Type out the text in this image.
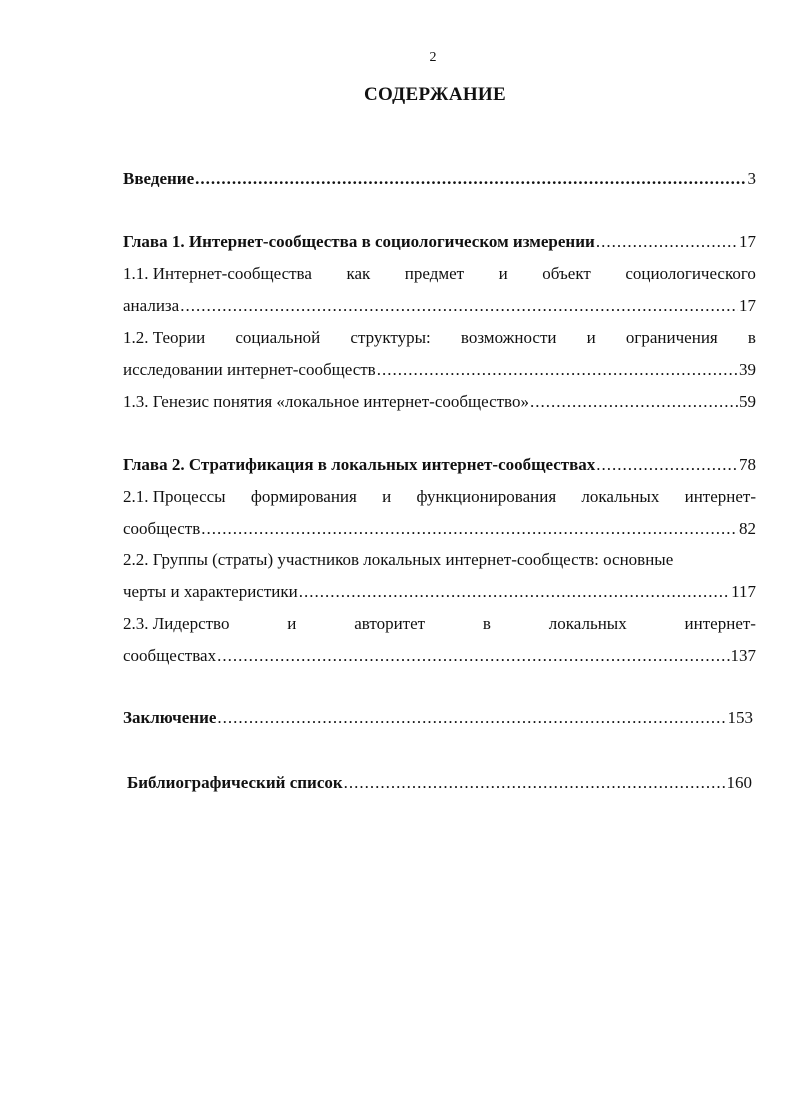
2
СОДЕРЖАНИЕ
Введение .....	3
Глава 1. Интернет-сообщества в социологическом измерении .....	17
1.1. Интернет-сообщества как предмет и объект социологического
анализа .....	17
1.2. Теории социальной структуры: возможности и ограничения в
исследовании интернет-сообществ .....	39
1.3. Генезис понятия «локальное интернет-сообщество» .....	59
Глава 2. Стратификация в локальных интернет-сообществах .....	78
2.1. Процессы формирования и функционирования локальных интернет-
сообществ .....	82
2.2. Группы (страты) участников локальных интернет-сообществ: основные
черты и характеристики .....	117
2.3. Лидерство	и	авторитет	в	локальных	интернет-
сообществах .....	137
Заключение .....	153
Библиографический список .....	160
